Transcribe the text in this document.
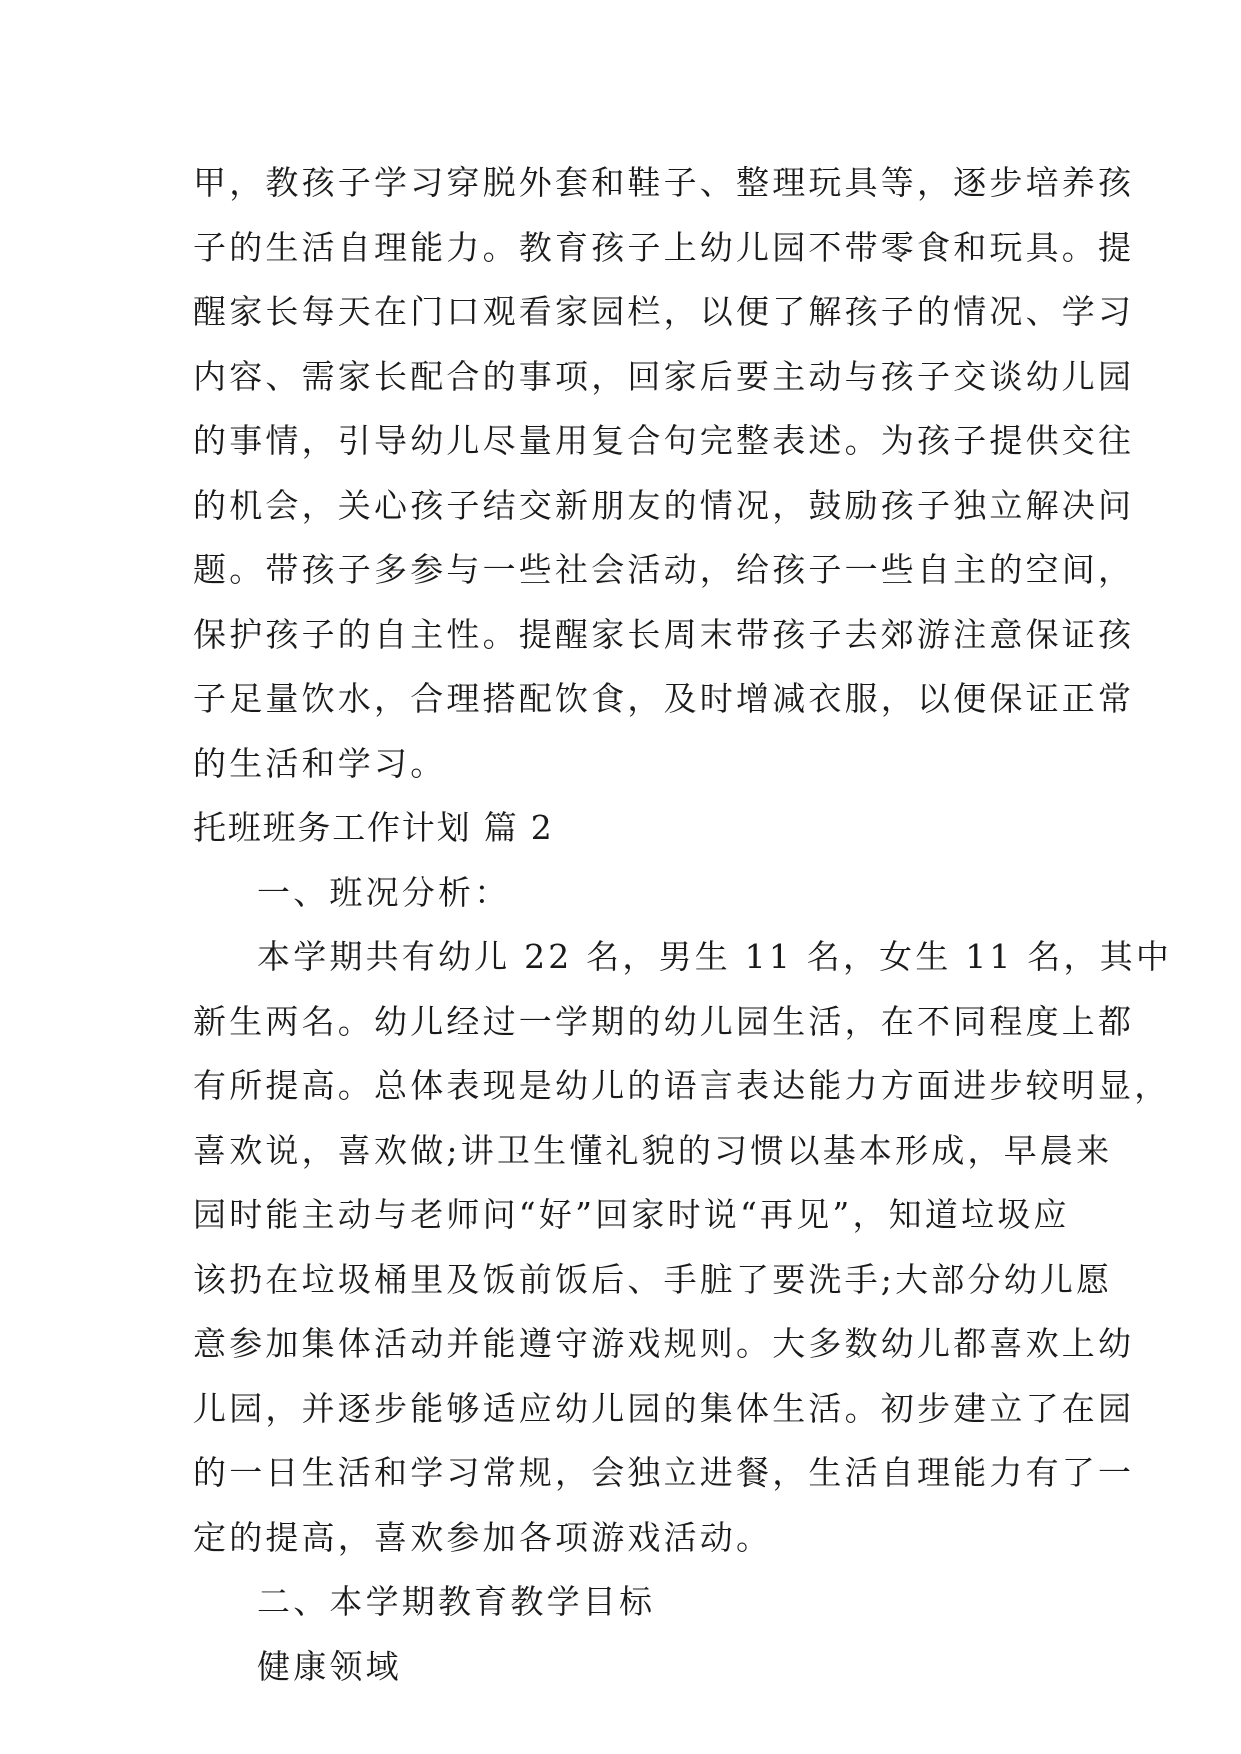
甲，教孩子学习穿脱外套和鞋子、整理玩具等，逐步培养孩
子的生活自理能力。教育孩子上幼儿园不带零食和玩具。提
醒家长每天在门口观看家园栏，以便了解孩子的情况、学习
内容、需家长配合的事项，回家后要主动与孩子交谈幼儿园
的事情，引导幼儿尽量用复合句完整表述。为孩子提供交往
的机会，关心孩子结交新朋友的情况，鼓励孩子独立解决问
题。带孩子多参与一些社会活动，给孩子一些自主的空间，
保护孩子的自主性。提醒家长周末带孩子去郊游注意保证孩
子足量饮水，合理搭配饮食，及时增减衣服，以便保证正常
的生活和学习。
托班班务工作计划 篇 2
一、班况分析：
本学期共有幼儿 22 名，男生 11 名，女生 11 名，其中
新生两名。幼儿经过一学期的幼儿园生活，在不同程度上都
有所提高。总体表现是幼儿的语言表达能力方面进步较明显，
喜欢说，喜欢做;讲卫生懂礼貌的习惯以基本形成，早晨来
园时能主动与老师问“好”回家时说“再见”，知道垃圾应
该扔在垃圾桶里及饭前饭后、手脏了要洗手;大部分幼儿愿
意参加集体活动并能遵守游戏规则。大多数幼儿都喜欢上幼
儿园，并逐步能够适应幼儿园的集体生活。初步建立了在园
的一日生活和学习常规，会独立进餐，生活自理能力有了一
定的提高，喜欢参加各项游戏活动。
二、本学期教育教学目标
健康领域
